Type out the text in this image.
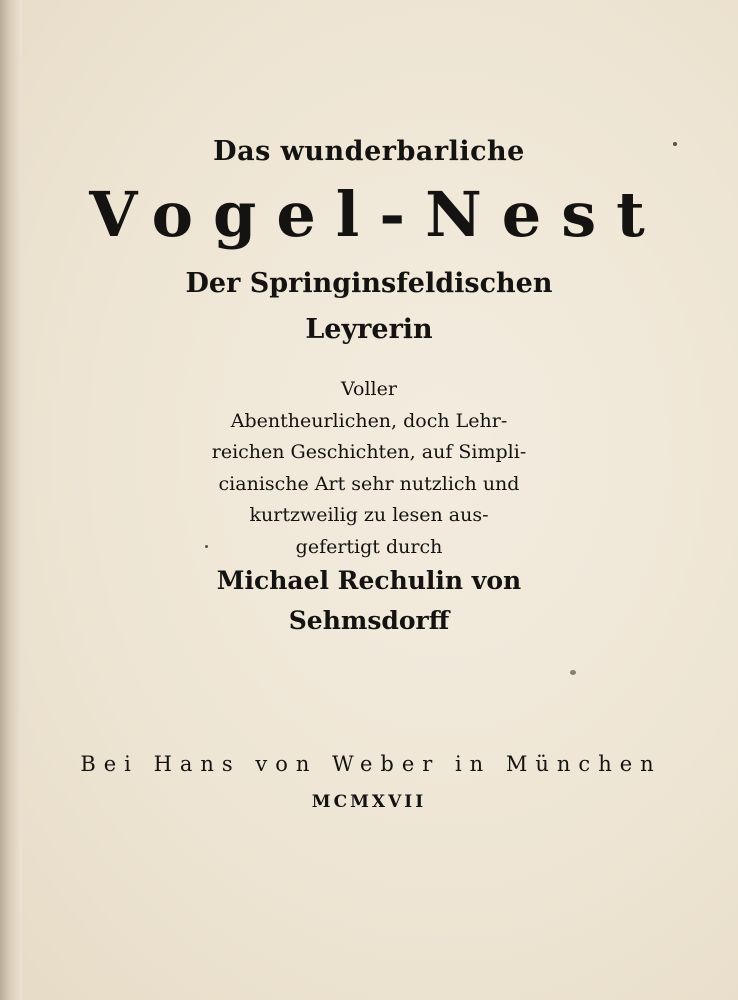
Das wunderbarliche

Vogel-Nest

Der Springinsfeldischen

Leyrerin

Voller
Abentheurlichen, doch Lehr-
reichen Geschichten, auf Simpli-
cianische Art sehr nutzlich und
kurtzweilig zu lesen aus-
gefertigt durch

Michael Rechulin von

Sehmsdorff

Bei Hans von Weber in München

MCMXVII
